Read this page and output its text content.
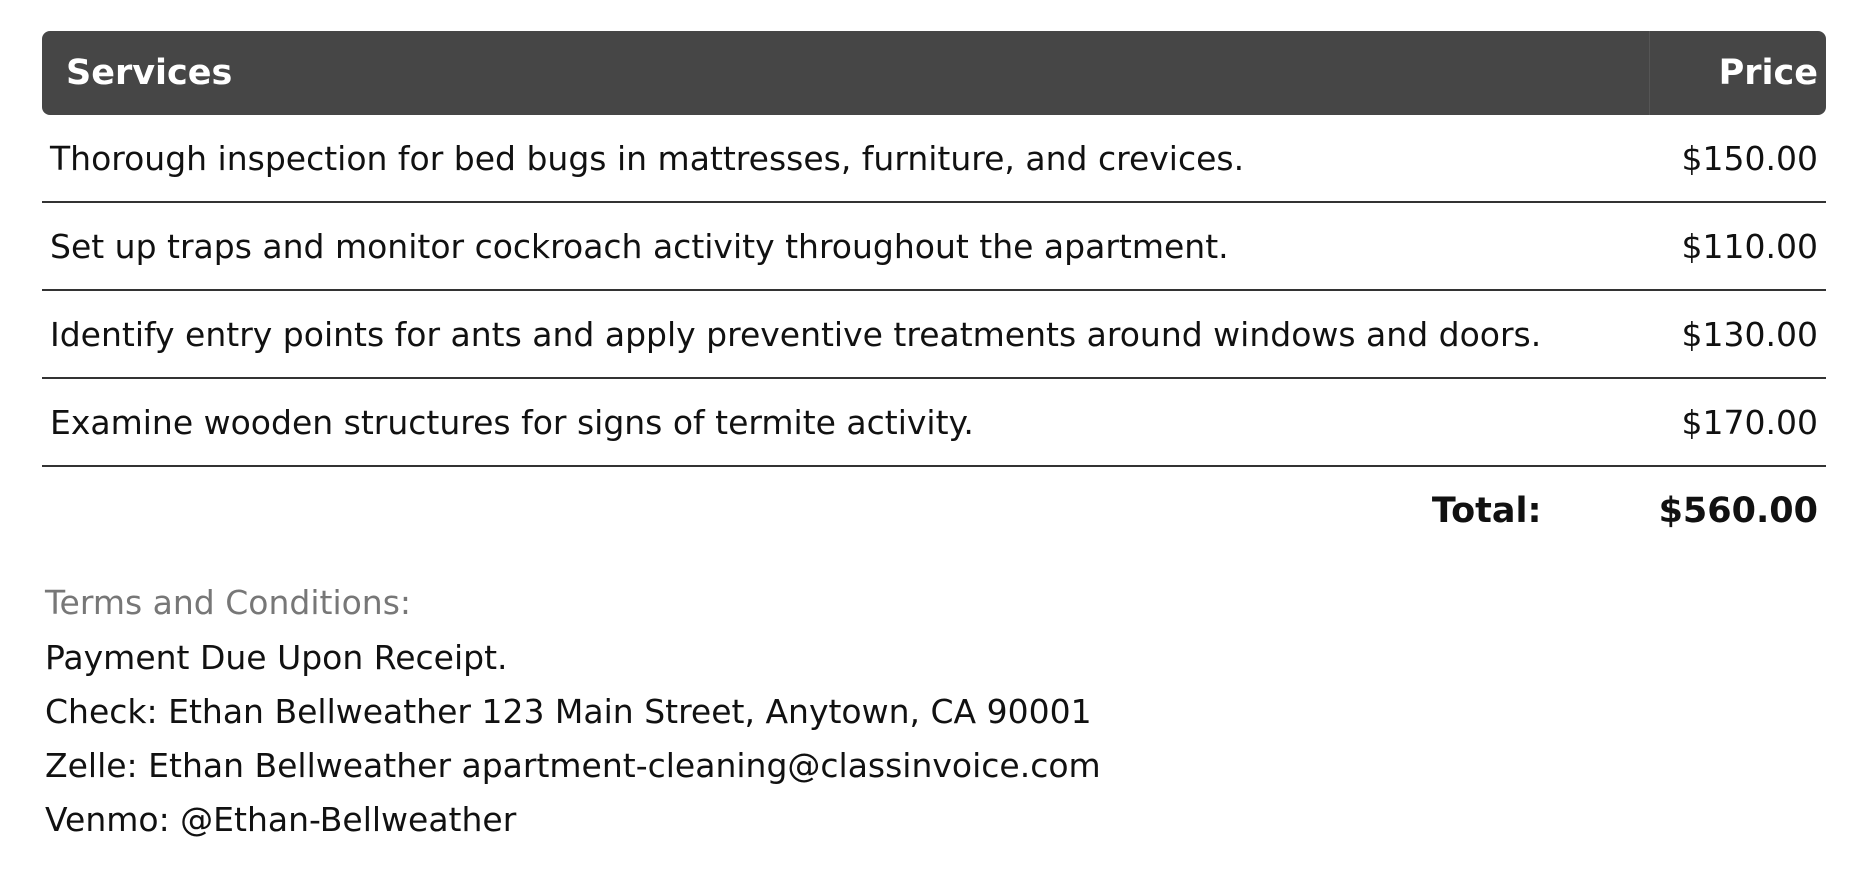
Services	Price
Thorough inspection for bed bugs in mattresses, furniture, and crevices.	$150.00
Set up traps and monitor cockroach activity throughout the apartment.	$110.00
Identify entry points for ants and apply preventive treatments around windows and doors.	$130.00
Examine wooden structures for signs of termite activity.	$170.00
Total:	$560.00
Terms and Conditions:
Payment Due Upon Receipt.
Check: Ethan Bellweather 123 Main Street, Anytown, CA 90001
Zelle: Ethan Bellweather apartment-cleaning@classinvoice.com
Venmo: @Ethan-Bellweather
